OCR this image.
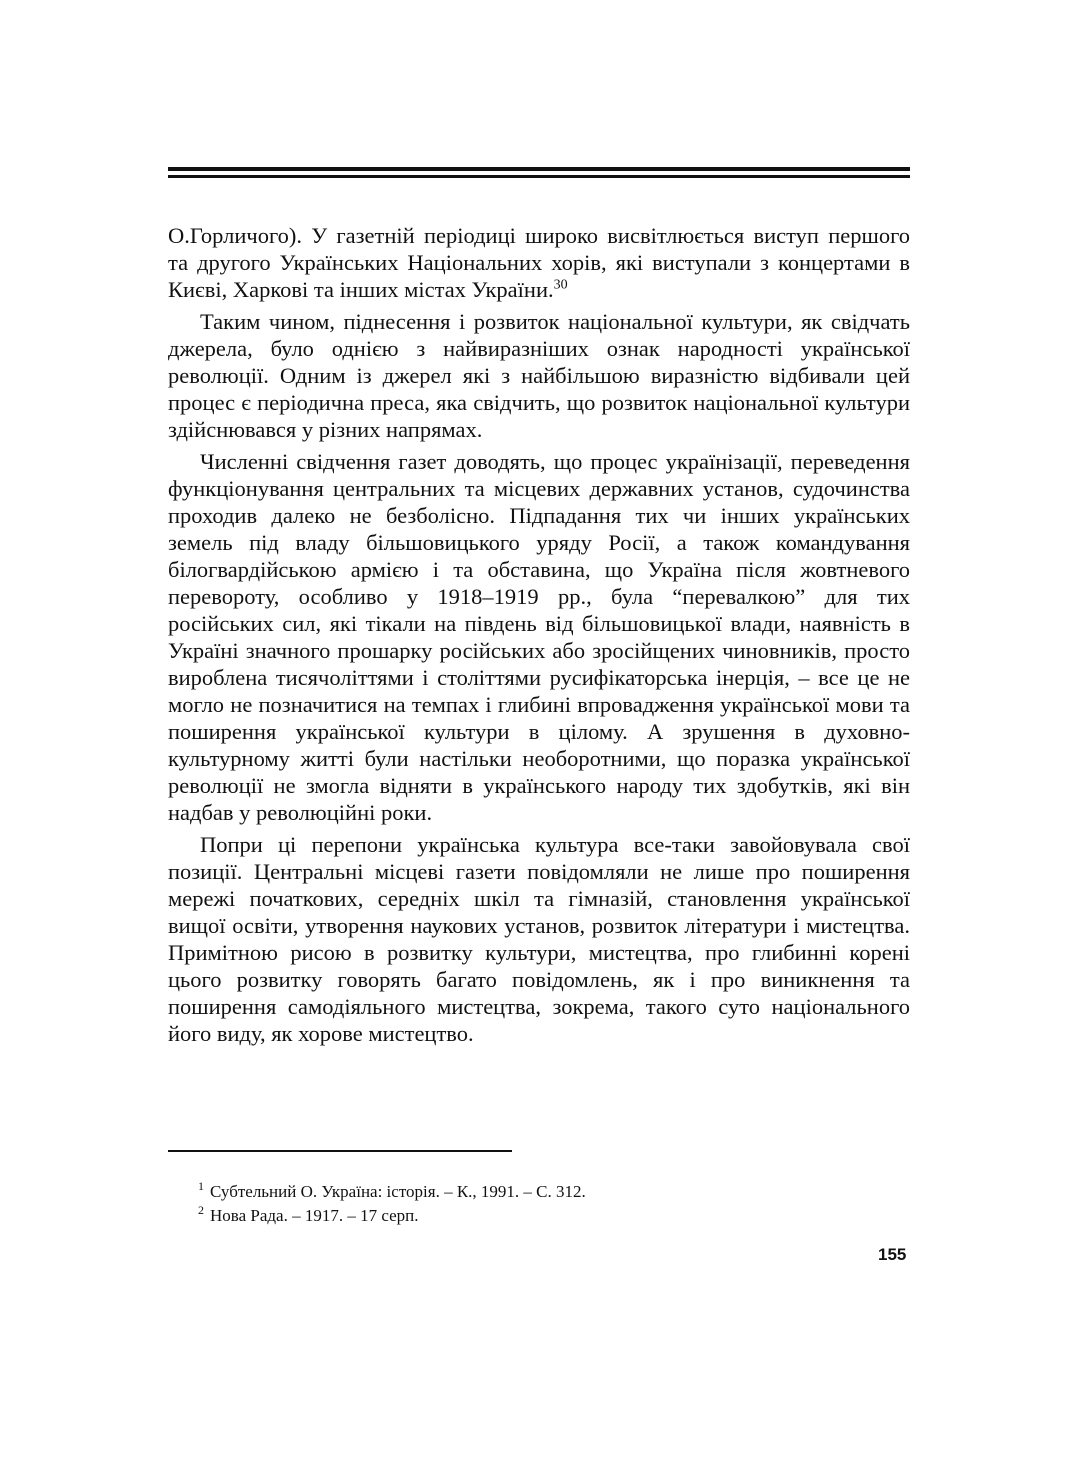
О.Горличого). У газетній періодиці широко висвітлюється виступ першого та другого Українських Національних хорів, які виступали з концертами в Києві, Харкові та інших містах України.$^{30}$

Таким чином, піднесення і розвиток національної культури, як свідчать джерела, було однією з найвиразніших ознак народності української революції. Одним із джерел які з найбільшою виразністю відбивали цей процес є періодична преса, яка свідчить, що розвиток національної культури здійснювався у різних напрямах.

Численні свідчення газет доводять, що процес українізації, переведення функціонування центральних та місцевих державних установ, судочинства проходив далеко не безболісно. Підпадання тих чи інших українських земель під владу більшовицького уряду Росії, а також командування білогвардійською армією і та обставина, що Україна після жовтневого перевороту, особливо у 1918–1919 рр., була “перевалкою” для тих російських сил, які тікали на південь від більшовицької влади, наявність в Україні значного прошарку російських або зросійщених чиновників, просто вироблена тисячоліттями і століттями русифікаторська інерція, – все це не могло не позначитися на темпах і глибині впровадження української мови та поширення української культури в цілому. А зрушення в духовно-культурному житті були настільки необоротними, що поразка української революції не змогла відняти в українського народу тих здобутків, які він надбав у революційні роки.

Попри ці перепони українська культура все-таки завойовувала свої позиції. Центральні місцеві газети повідомляли не лише про поширення мережі початкових, середніх шкіл та гімназій, становлення української вищої освіти, утворення наукових установ, розвиток літератури і мистецтва. Примітною рисою в розвитку культури, мистецтва, про глибинні корені цього розвитку говорять багато повідомлень, як і про виникнення та поширення самодіяльного мистецтва, зокрема, такого суто національного його виду, як хорове мистецтво.

$^1$ Субтельний О. Україна: історія. – К., 1991. – С. 312.
$^2$ Нова Рада. – 1917. – 17 серп.
155
